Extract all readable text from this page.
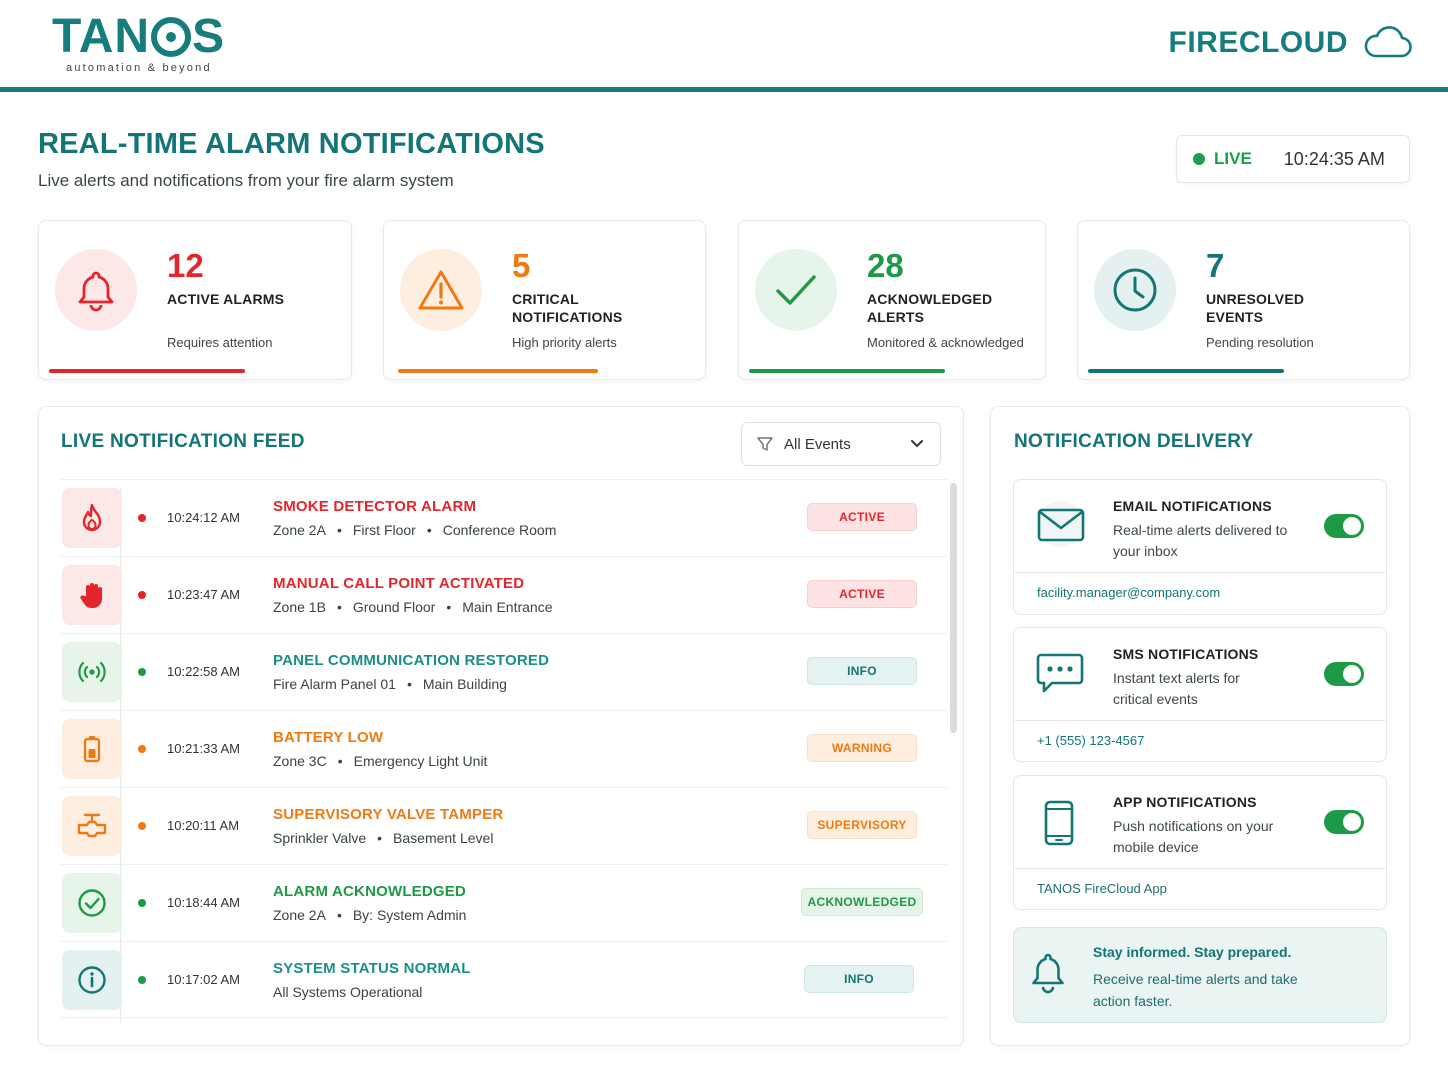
TAN S
automation & beyond
FIRECLOUD
REAL-TIME ALARM NOTIFICATIONS
Live alerts and notifications from your fire alarm system
LIVE 10:24:35 AM
12
ACTIVE ALARMS
Requires attention
5
CRITICAL NOTIFICATIONS
High priority alerts
28
ACKNOWLEDGED ALERTS
Monitored & acknowledged
7
UNRESOLVED EVENTS
Pending resolution
LIVE NOTIFICATION FEED	All Events
10:24:12 AM
SMOKE DETECTOR ALARM
Zone 2A • First Floor • Conference Room
ACTIVE
10:23:47 AM
MANUAL CALL POINT ACTIVATED
Zone 1B • Ground Floor • Main Entrance
ACTIVE
10:22:58 AM
PANEL COMMUNICATION RESTORED
Fire Alarm Panel 01 • Main Building
INFO
10:21:33 AM
BATTERY LOW
Zone 3C • Emergency Light Unit
WARNING
10:20:11 AM
SUPERVISORY VALVE TAMPER
Sprinkler Valve • Basement Level
SUPERVISORY
10:18:44 AM
ALARM ACKNOWLEDGED
Zone 2A • By: System Admin
ACKNOWLEDGED
10:17:02 AM
SYSTEM STATUS NORMAL
All Systems Operational
INFO
NOTIFICATION DELIVERY
EMAIL NOTIFICATIONS
Real-time alerts delivered to your inbox
facility.manager@company.com
SMS NOTIFICATIONS
Instant text alerts for critical events
+1 (555) 123-4567
APP NOTIFICATIONS
Push notifications on your mobile device
TANOS FireCloud App
Stay informed. Stay prepared.
Receive real-time alerts and take action faster.
